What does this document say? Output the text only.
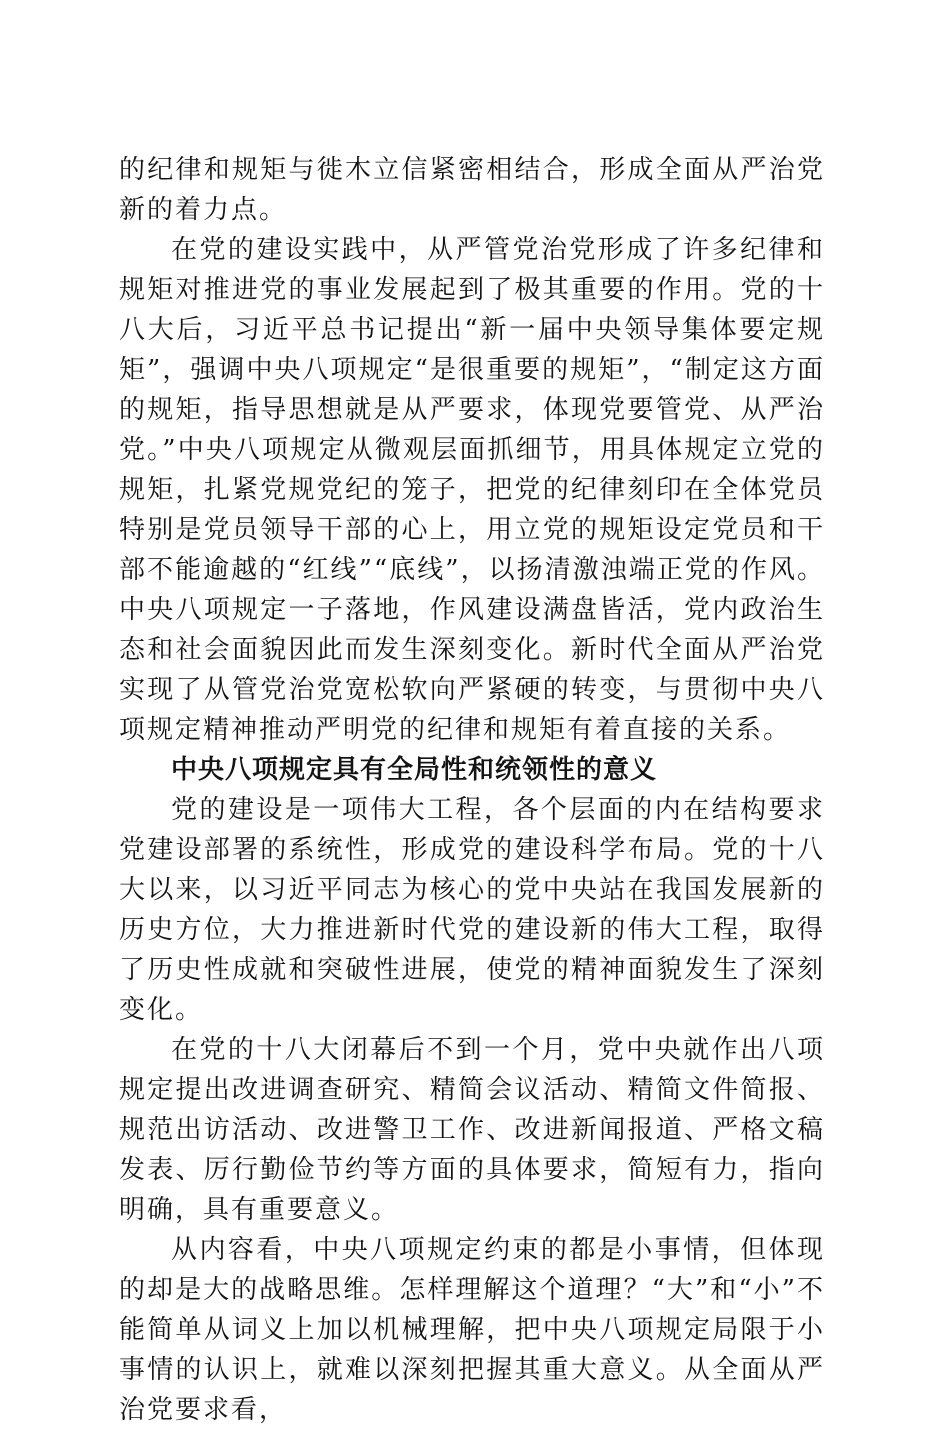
的纪律和规矩与徙木立信紧密相结合，形成全面从严治党新的着力点。

在党的建设实践中，从严管党治党形成了许多纪律和规矩对推进党的事业发展起到了极其重要的作用。党的十八大后，习近平总书记提出“新一届中央领导集体要定规矩”，强调中央八项规定“是很重要的规矩”，“制定这方面的规矩，指导思想就是从严要求，体现党要管党、从严治党。”中央八项规定从微观层面抓细节，用具体规定立党的规矩，扎紧党规党纪的笼子，把党的纪律刻印在全体党员特别是党员领导干部的心上，用立党的规矩设定党员和干部不能逾越的“红线”“底线”，以扬清激浊端正党的作风。中央八项规定一子落地，作风建设满盘皆活，党内政治生态和社会面貌因此而发生深刻变化。新时代全面从严治党实现了从管党治党宽松软向严紧硬的转变，与贯彻中央八项规定精神推动严明党的纪律和规矩有着直接的关系。

中央八项规定具有全局性和统领性的意义

党的建设是一项伟大工程，各个层面的内在结构要求党建设部署的系统性，形成党的建设科学布局。党的十八大以来，以习近平同志为核心的党中央站在我国发展新的历史方位，大力推进新时代党的建设新的伟大工程，取得了历史性成就和突破性进展，使党的精神面貌发生了深刻变化。

在党的十八大闭幕后不到一个月，党中央就作出八项规定提出改进调查研究、精简会议活动、精简文件简报、规范出访活动、改进警卫工作、改进新闻报道、严格文稿发表、厉行勤俭节约等方面的具体要求，简短有力，指向明确，具有重要意义。

从内容看，中央八项规定约束的都是小事情，但体现的却是大的战略思维。怎样理解这个道理？“大”和“小”不能简单从词义上加以机械理解，把中央八项规定局限于小事情的认识上，就难以深刻把握其重大意义。从全面从严治党要求看，
